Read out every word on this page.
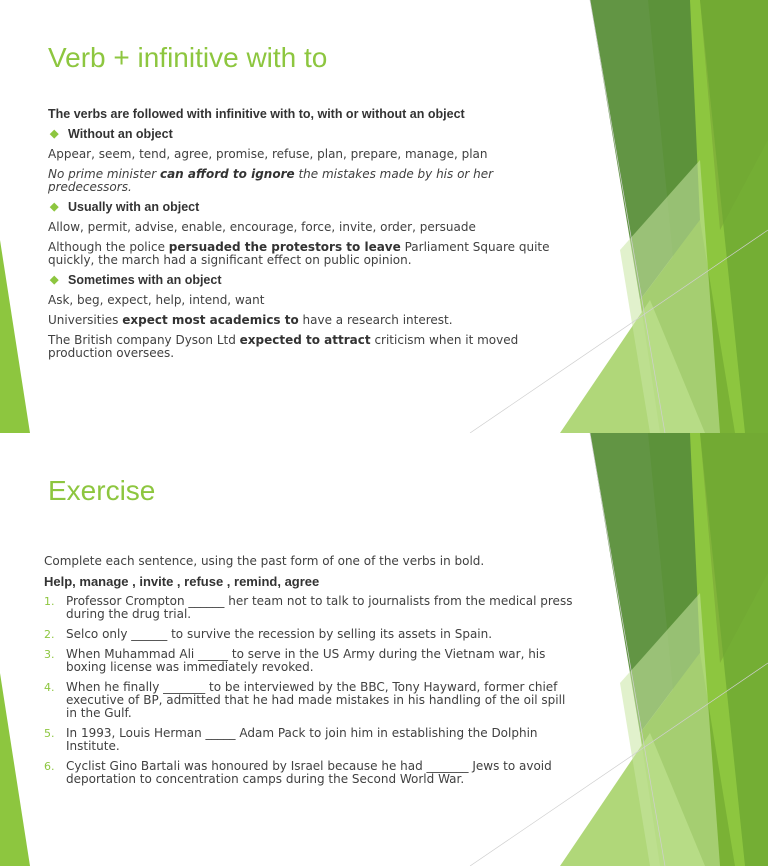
Verb + infinitive with to

The verbs are followed with infinitive with to, with or without an object

◆ Without an object

Appear, seem, tend, agree, promise, refuse, plan, prepare, manage, plan

No prime minister can afford to ignore the mistakes made by his or her predecessors.

◆ Usually with an object

Allow, permit, advise, enable, encourage, force, invite, order, persuade

Although the police persuaded the protestors to leave Parliament Square quite quickly, the march had a significant effect on public opinion.

◆ Sometimes with an object

Ask, beg, expect, help, intend, want

Universities expect most academics to have a research interest.

The British company Dyson Ltd expected to attract criticism when it moved production oversees.

Exercise

Complete each sentence, using the past form of one of the verbs in bold.

Help, manage , invite , refuse , remind, agree

1. Professor Crompton ______ her team not to talk to journalists from the medical press during the drug trial.
2. Selco only ______ to survive the recession by selling its assets in Spain.
3. When Muhammad Ali _____ to serve in the US Army during the Vietnam war, his boxing license was immediately revoked.
4. When he finally _______ to be interviewed by the BBC, Tony Hayward, former chief executive of BP, admitted that he had made mistakes in his handling of the oil spill in the Gulf.
5. In 1993, Louis Herman _____ Adam Pack to join him in establishing the Dolphin Institute.
6. Cyclist Gino Bartali was honoured by Israel because he had _______ Jews to avoid deportation to concentration camps during the Second World War.
